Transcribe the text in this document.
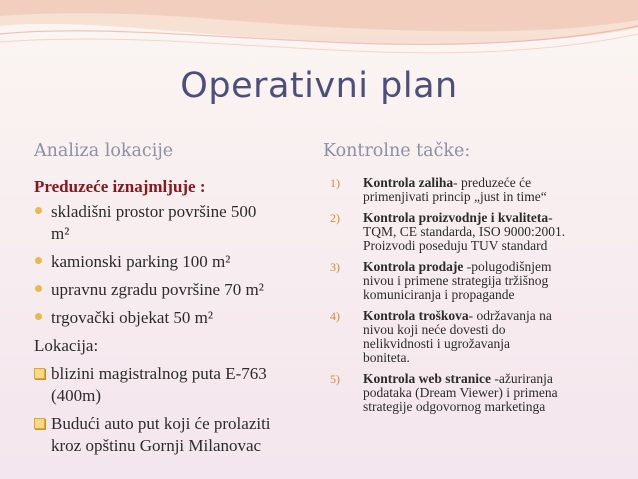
Operativni plan
Analiza lokacije	Kontrolne tačke:
Preduzeće iznajmljuje :
skladišni prostor površine 500
m²
kamionski parking 100 m²
upravnu zgradu površine 70 m²
trgovački objekat 50 m²
Lokacija:
blizini magistralnog puta E-763
(400m)
Budući auto put koji će prolaziti
kroz opštinu Gornji Milanovac
1) Kontrola zaliha- preduzeće će
primenjivati princip „just in time“
2) Kontrola proizvodnje i kvaliteta-
TQM, CE standarda, ISO 9000:2001.
Proizvodi poseduju TUV standard
3) Kontrola prodaje -polugodišnjem
nivou i primene strategija tržišnog
komuniciranja i propagande
4) Kontrola troškova- održavanja na
nivou koji neće dovesti do
nelikvidnosti i ugrožavanja
boniteta.
5) Kontrola web stranice -ažuriranja
podataka (Dream Viewer) i primena
strategije odgovornog marketinga
